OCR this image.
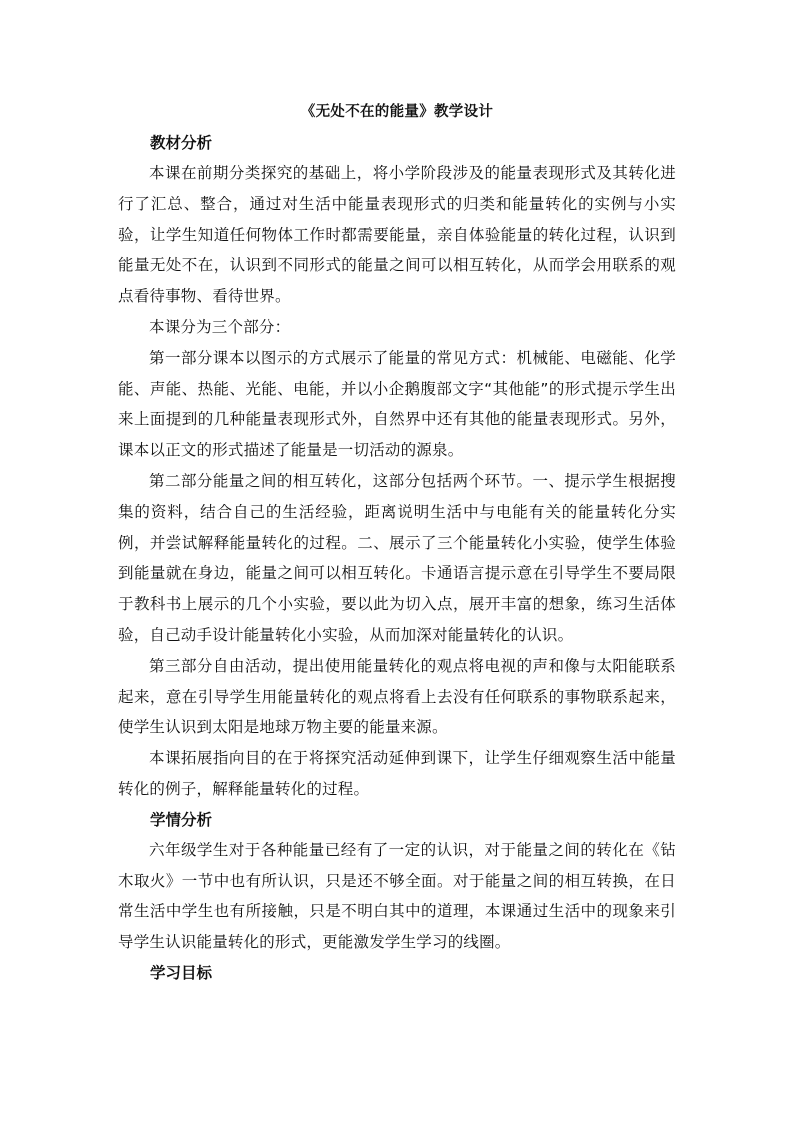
《无处不在的能量》教学设计
教材分析

本课在前期分类探究的基础上，将小学阶段涉及的能量表现形式及其转化进行了汇总、整合，通过对生活中能量表现形式的归类和能量转化的实例与小实验，让学生知道任何物体工作时都需要能量，亲自体验能量的转化过程，认识到能量无处不在，认识到不同形式的能量之间可以相互转化，从而学会用联系的观点看待事物、看待世界。

本课分为三个部分：

第一部分课本以图示的方式展示了能量的常见方式：机械能、电磁能、化学能、声能、热能、光能、电能，并以小企鹅腹部文字“其他能”的形式提示学生出来上面提到的几种能量表现形式外，自然界中还有其他的能量表现形式。另外，课本以正文的形式描述了能量是一切活动的源泉。

第二部分能量之间的相互转化，这部分包括两个环节。一、提示学生根据搜集的资料，结合自己的生活经验，距离说明生活中与电能有关的能量转化分实例，并尝试解释能量转化的过程。二、展示了三个能量转化小实验，使学生体验到能量就在身边，能量之间可以相互转化。卡通语言提示意在引导学生不要局限于教科书上展示的几个小实验，要以此为切入点，展开丰富的想象，练习生活体验，自己动手设计能量转化小实验，从而加深对能量转化的认识。

第三部分自由活动，提出使用能量转化的观点将电视的声和像与太阳能联系起来，意在引导学生用能量转化的观点将看上去没有任何联系的事物联系起来，使学生认识到太阳是地球万物主要的能量来源。

本课拓展指向目的在于将探究活动延伸到课下，让学生仔细观察生活中能量转化的例子，解释能量转化的过程。

学情分析

六年级学生对于各种能量已经有了一定的认识，对于能量之间的转化在《钻木取火》一节中也有所认识，只是还不够全面。对于能量之间的相互转换，在日常生活中学生也有所接触，只是不明白其中的道理，本课通过生活中的现象来引导学生认识能量转化的形式，更能激发学生学习的线圈。

学习目标
